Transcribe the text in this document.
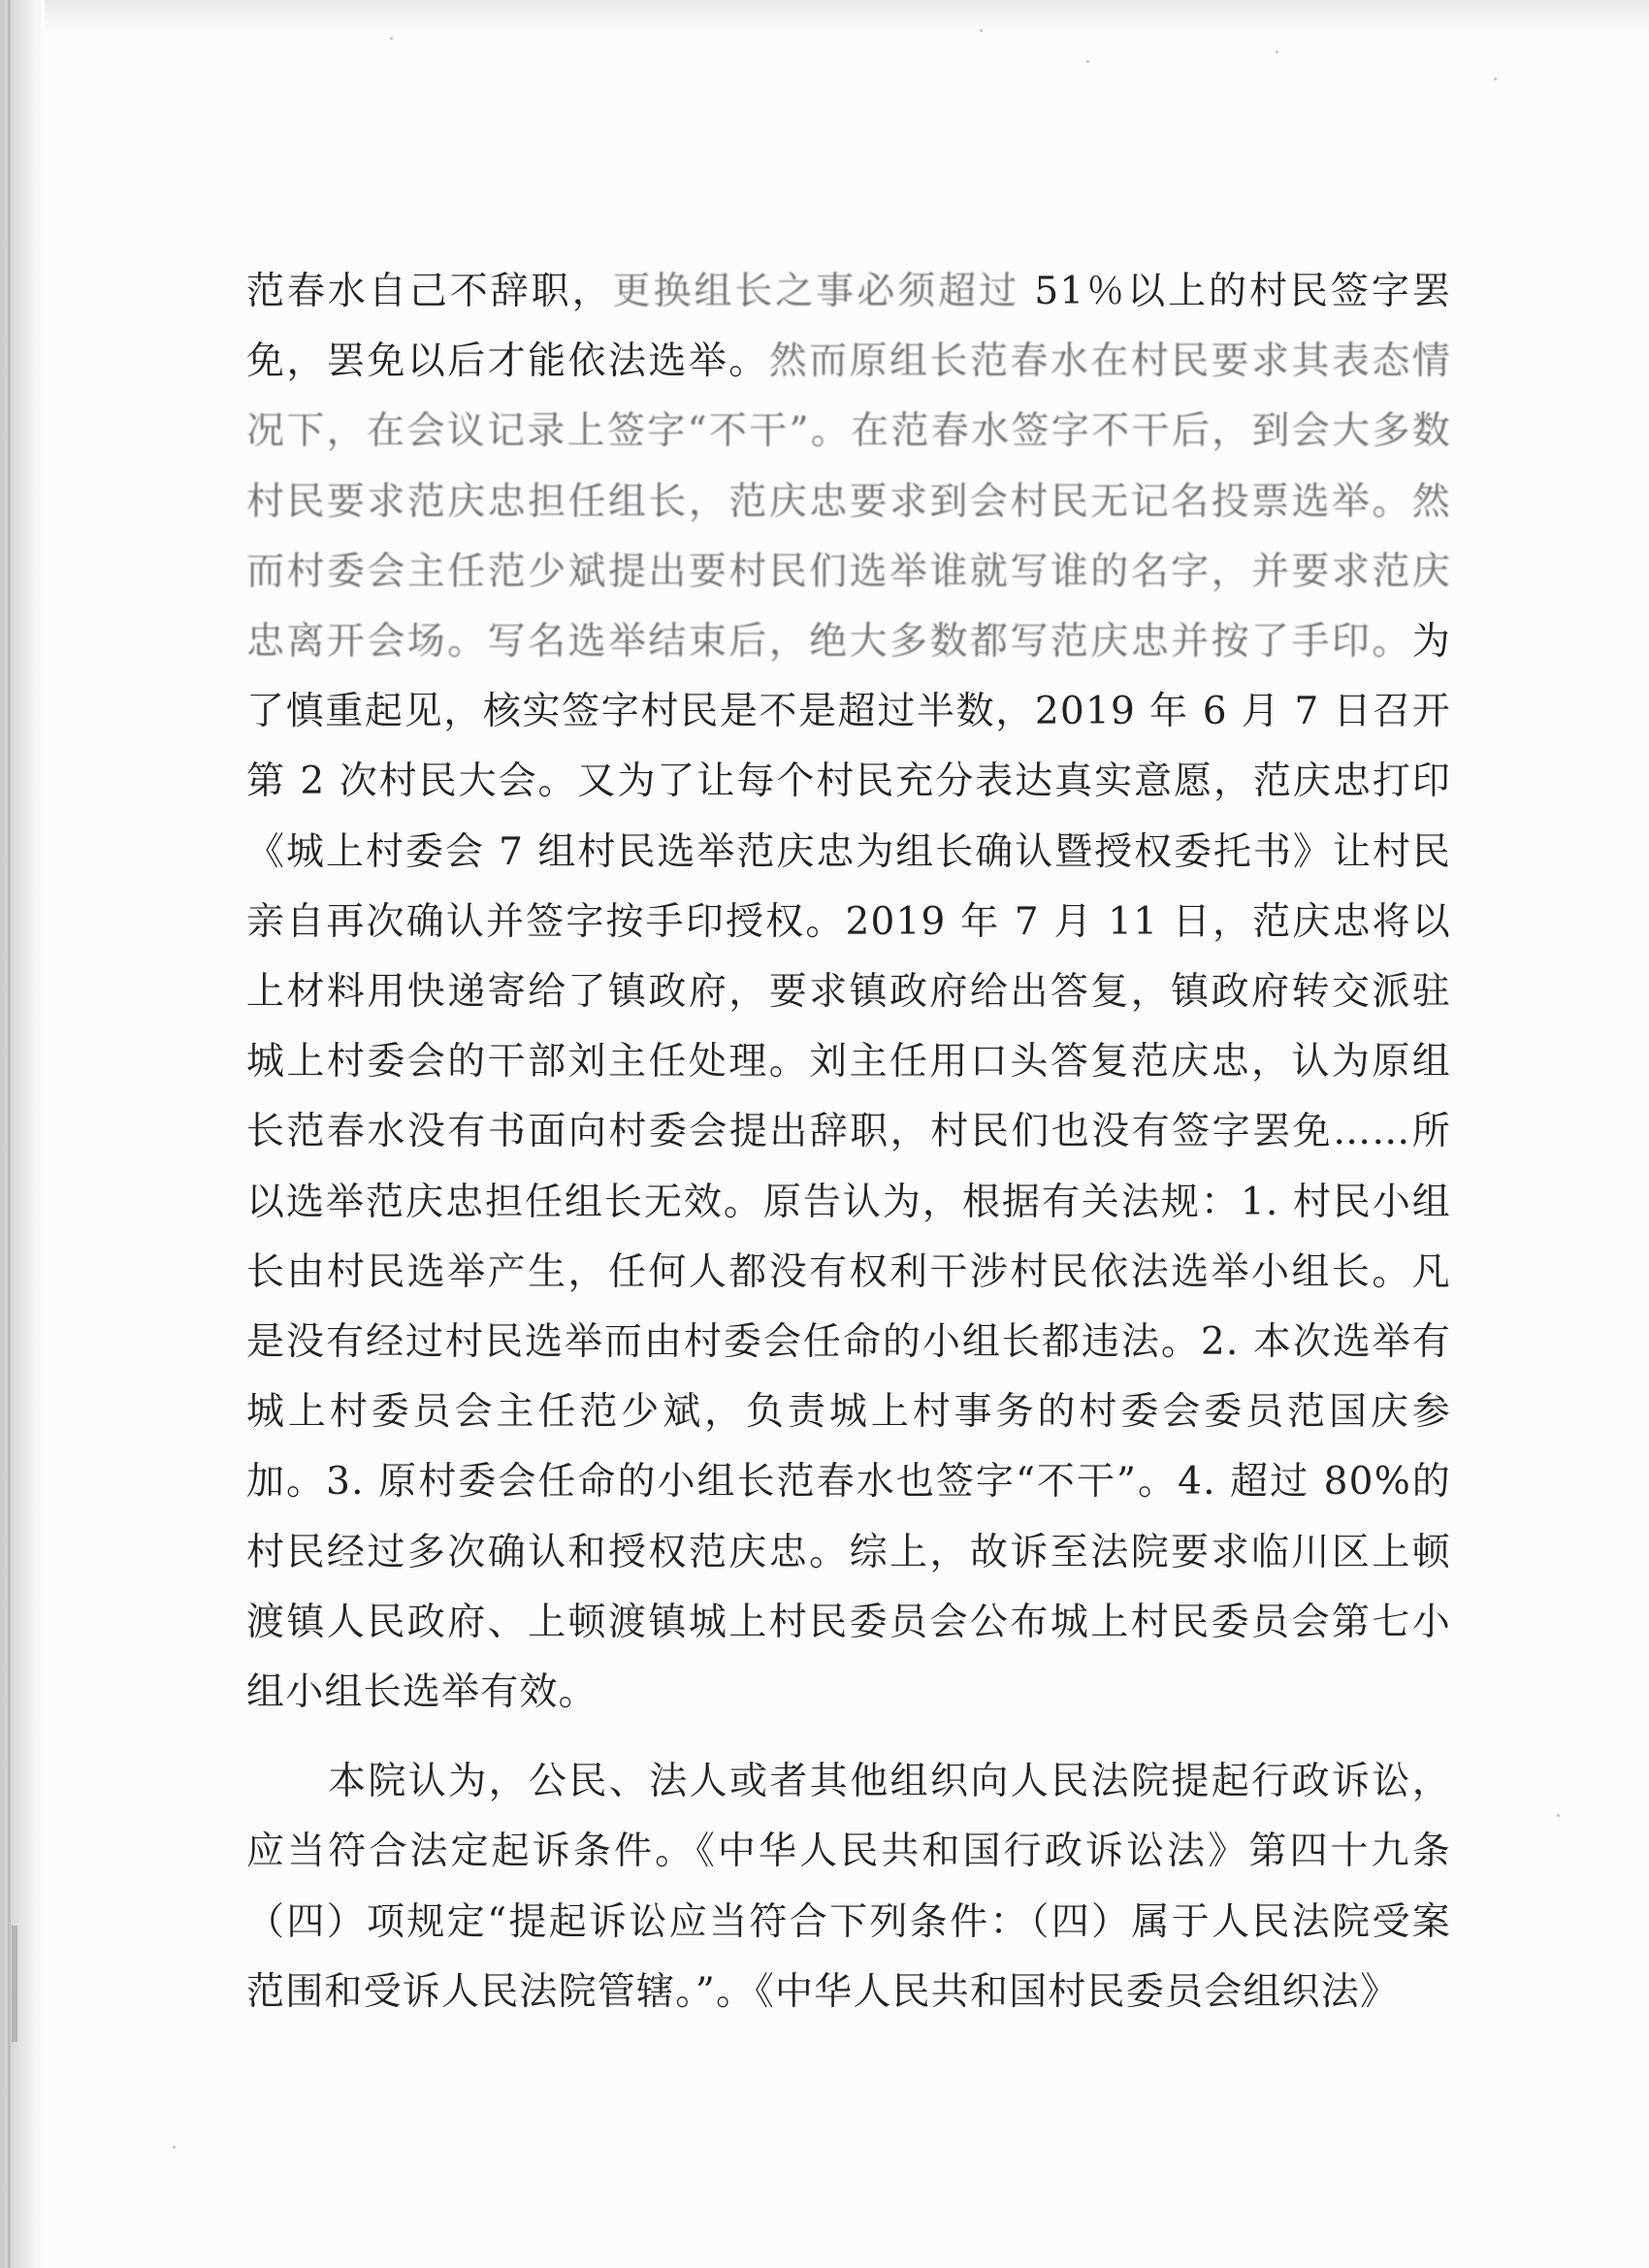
范春水自己不辞职，更换组长之事必须超过 51％以上的村民签字罢免，罢免以后才能依法选举。然而原组长范春水在村民要求其表态情况下，在会议记录上签字“不干”。在范春水签字不干后，到会大多数村民要求范庆忠担任组长，范庆忠要求到会村民无记名投票选举。然而村委会主任范少斌提出要村民们选举谁就写谁的名字，并要求范庆忠离开会场。写名选举结束后，绝大多数都写范庆忠并按了手印。为了慎重起见，核实签字村民是不是超过半数，2019 年 6 月 7 日召开第 2 次村民大会。又为了让每个村民充分表达真实意愿，范庆忠打印《城上村委会 7 组村民选举范庆忠为组长确认暨授权委托书》让村民亲自再次确认并签字按手印授权。2019 年 7 月 11 日，范庆忠将以上材料用快递寄给了镇政府，要求镇政府给出答复，镇政府转交派驻城上村委会的干部刘主任处理。刘主任用口头答复范庆忠，认为原组长范春水没有书面向村委会提出辞职，村民们也没有签字罢免……所以选举范庆忠担任组长无效。原告认为，根据有关法规：1. 村民小组长由村民选举产生，任何人都没有权利干涉村民依法选举小组长。凡是没有经过村民选举而由村委会任命的小组长都违法。2. 本次选举有城上村委员会主任范少斌，负责城上村事务的村委会委员范国庆参加。3. 原村委会任命的小组长范春水也签字“不干”。4. 超过 80%的村民经过多次确认和授权范庆忠。综上，故诉至法院要求临川区上顿渡镇人民政府、上顿渡镇城上村民委员会公布城上村民委员会第七小组小组长选举有效。

本院认为，公民、法人或者其他组织向人民法院提起行政诉讼，应当符合法定起诉条件。《中华人民共和国行政诉讼法》第四十九条（四）项规定“提起诉讼应当符合下列条件：（四）属于人民法院受案范围和受诉人民法院管辖。”。《中华人民共和国村民委员会组织法》
